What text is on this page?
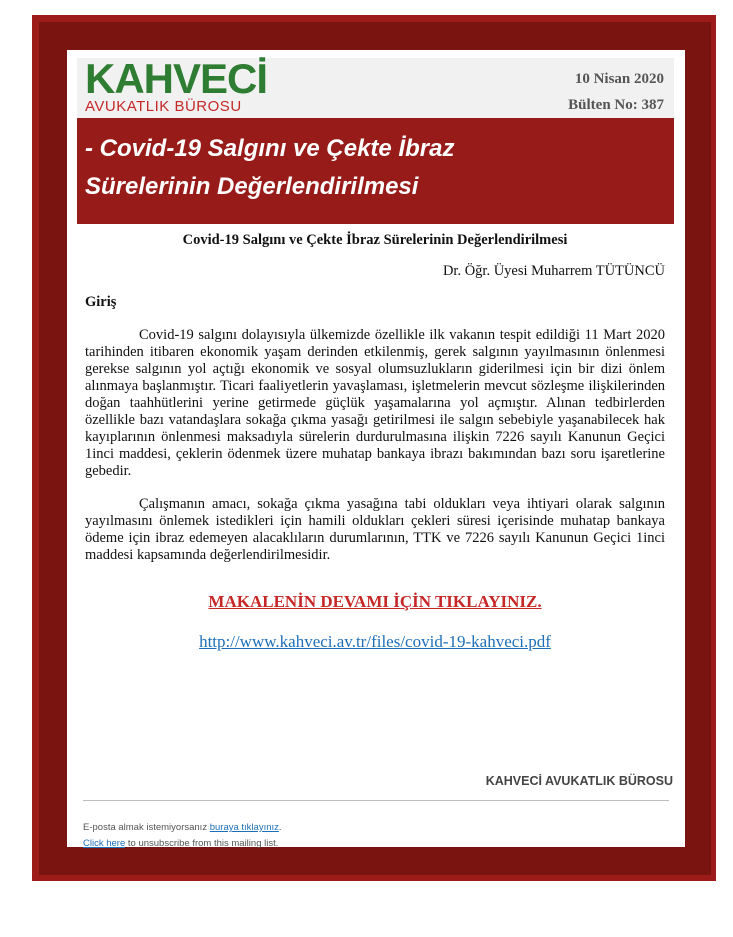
KAHVECİ
AVUKATLIK BÜROSU
10 Nisan 2020
Bülten No: 387
- Covid-19 Salgını ve Çekte İbraz
Sürelerinin Değerlendirilmesi
Covid-19 Salgını ve Çekte İbraz Sürelerinin Değerlendirilmesi
Dr. Öğr. Üyesi Muharrem TÜTÜNCÜ
Giriş

Covid-19 salgını dolayısıyla ülkemizde özellikle ilk vakanın tespit edildiği 11 Mart 2020 tarihinden itibaren ekonomik yaşam derinden etkilenmiş, gerek salgının yayılmasının önlenmesi gerekse salgının yol açtığı ekonomik ve sosyal olumsuzlukların giderilmesi için bir dizi önlem alınmaya başlanmıştır. Ticari faaliyetlerin yavaşlaması, işletmelerin mevcut sözleşme ilişkilerinden doğan taahhütlerini yerine getirmede güçlük yaşamalarına yol açmıştır. Alınan tedbirlerden özellikle bazı vatandaşlara sokağa çıkma yasağı getirilmesi ile salgın sebebiyle yaşanabilecek hak kayıplarının önlenmesi maksadıyla sürelerin durdurulmasına ilişkin 7226 sayılı Kanunun Geçici 1inci maddesi, çeklerin ödenmek üzere muhatap bankaya ibrazı bakımından bazı soru işaretlerine gebedir.

Çalışmanın amacı, sokağa çıkma yasağına tabi oldukları veya ihtiyari olarak salgının yayılmasını önlemek istedikleri için hamili oldukları çekleri süresi içerisinde muhatap bankaya ödeme için ibraz edemeyen alacaklıların durumlarının, TTK ve 7226 sayılı Kanunun Geçici 1inci maddesi kapsamında değerlendirilmesidir.

MAKALENİN DEVAMI İÇİN TIKLAYINIZ.
http://www.kahveci.av.tr/files/covid-19-kahveci.pdf
KAHVECİ AVUKATLIK BÜROSU
E-posta almak istemiyorsanız buraya tıklayınız.
Click here to unsubscribe from this mailing list.
